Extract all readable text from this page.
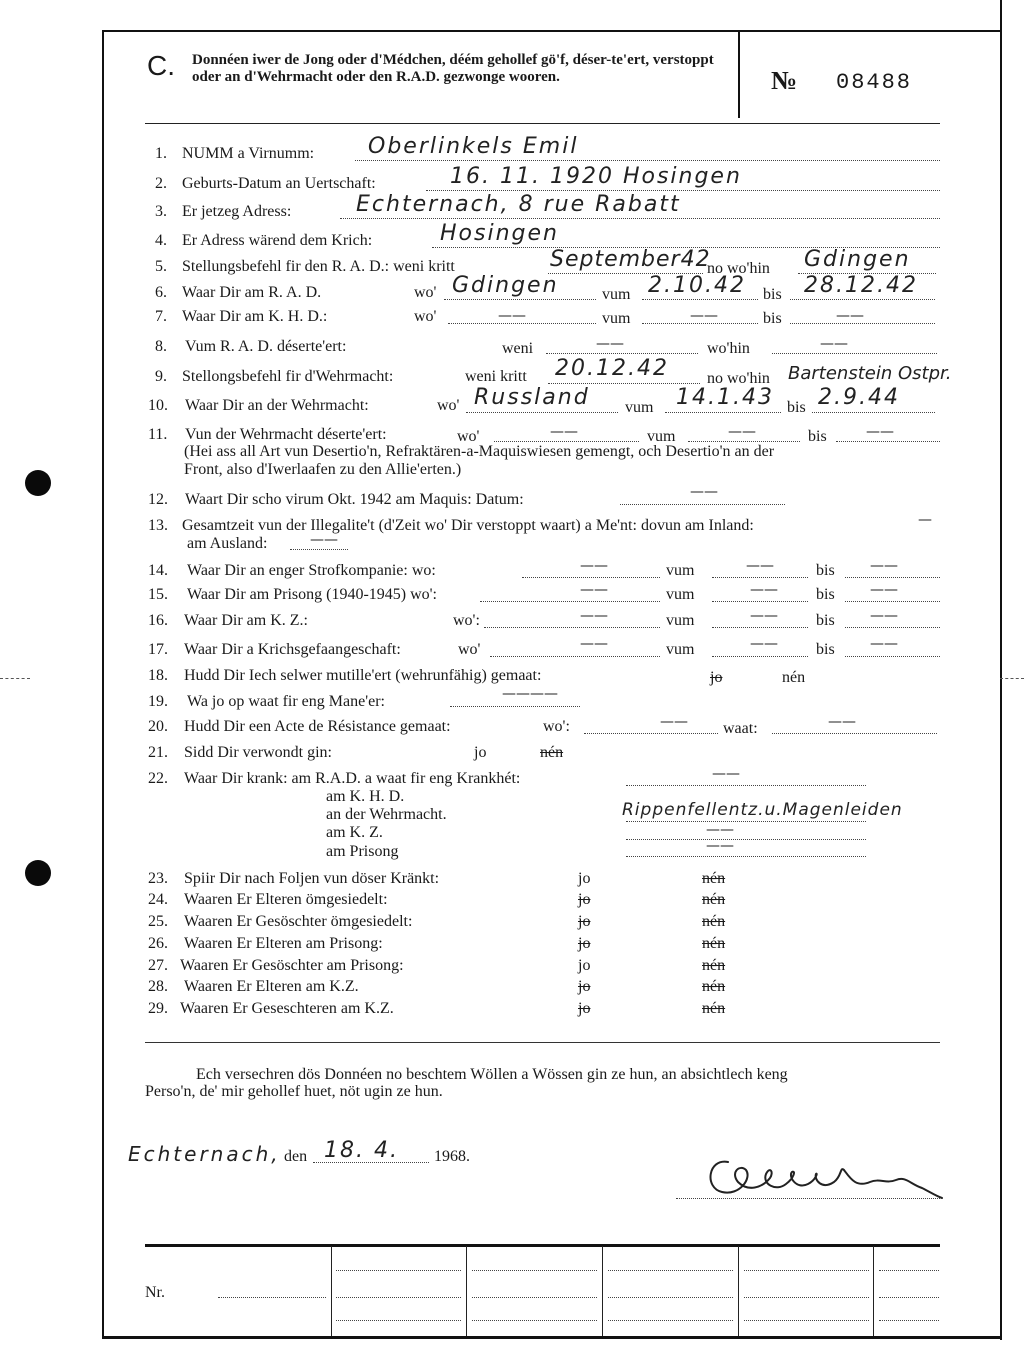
C. Donnéen iwer de Jong oder d'Médchen, déém gehollef gö'f, déser-te'ert, verstoppt oder an d'Wehrmacht oder den R.A.D. gezwonge wooren.	№ 08488
1. NUMM a Virnumm: Oberlinkels Emil
2. Geburts-Datum an Uertschaft:	16. 11. 1920 Hosingen
3. Er jetzeg Adress:	Echternach, 8 rue Rabatt
4. Er Adress wärend dem Krich:	Hosingen
5. Stellungsbefehl fir den R. A. D.: weni kritt	September42
no wo'hin Gdingen
6. Waar Dir am R. A. D.	wo' Gdingen	vum 2.10.42 bis 28.12.42
7. Waar Dir am K. H. D.:	wo'	——	vum	——	bis	——
8. Vum R. A. D. déserte'ert:	weni	——	wo'hin	——
9. Stellongsbefehl fir d'Wehrmacht:	weni kritt 20.12.42 no wo'hin Bartenstein Ostpr.
10. Waar Dir an der Wehrmacht:	wo' Russland vum 14.1.43 bis 2.9.44
11. Vun der Wehrmacht déserte'ert:	wo'	——	vum	——	bis	——
(Hei ass all Art vun Desertio'n, Refraktären-a-Maquiswiesen gemengt, och Desertio'n an der
Front, also d'Iwerlaafen zu den Allie'erten.)
12. Waart Dir scho virum Okt. 1942 am Maquis: Datum:	——
13. Gesamtzeit vun der Illegalite't (d'Zeit wo' Dir verstoppt waart) a Me'nt: dovun am Inland:	—
am Ausland:	——
14. Waar Dir an enger Strofkompanie: wo:	——	vum	——	bis	——
15. Waar Dir am Prisong (1940-1945) wo':	——	vum	—— bis	——
16. Waar Dir am K. Z.:	wo':	——	vum	—— bis	——
17. Waar Dir a Krichsgefaangeschaft:	wo'	——	vum	—— bis	——
18. Hudd Dir Iech selwer mutille'ert (wehrunfähig) gemaat:	jo	nén
19. Wa jo op waat fir eng Mane'er:	————
20. Hudd Dir een Acte de Résistance gemaat:	wo':	—— waat:	——
21. Sidd Dir verwondt gin:	jo	nén
22. Waar Dir krank: am R.A.D. a waat fir eng Krankhét:	——
am K. H. D.
an der Wehrmacht.	Rippenfellentz.u.Magenleiden
am K. Z.	——
am Prisong	——
23. Spiir Dir nach Foljen vun döser Kränkt:	jo	nén
24. Waaren Er Elteren ömgesiedelt:	jo	nén
25. Waaren Er Gesöschter ömgesiedelt:	jo	nén
26. Waaren Er Elteren am Prisong:	jo	nén
27. Waaren Er Gesöschter am Prisong:	jo	nén
28. Waaren Er Elteren am K.Z.	jo	nén
29. Waaren Er Geseschteren am K.Z.	jo	nén
Ech versechren dös Donnéen no beschtem Wöllen a Wössen gin ze hun, an absichtlech keng
Perso'n, de' mir gehollef huet, nöt ugin ze hun.
Echternach, den 18. 4. 1968.
Nr.
